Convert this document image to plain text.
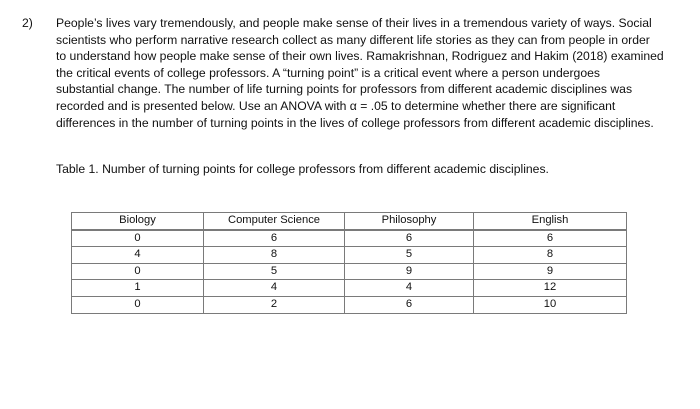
2)	People’s lives vary tremendously, and people make sense of their lives in a tremendous variety of ways. Social
scientists who perform narrative research collect as many different life stories as they can from people in order
to understand how people make sense of their own lives. Ramakrishnan, Rodriguez and Hakim (2018) examined
the critical events of college professors. A “turning point” is a critical event where a person undergoes
substantial change. The number of life turning points for professors from different academic disciplines was
recorded and is presented below. Use an ANOVA with α = .05 to determine whether there are significant
differences in the number of turning points in the lives of college professors from different academic disciplines.
Table 1. Number of turning points for college professors from different academic disciplines.
Biology	Computer Science	Philosophy	English
0	6	6	6
4	8	5	8
0	5	9	9
1	4	4	12
0	2	6	10
